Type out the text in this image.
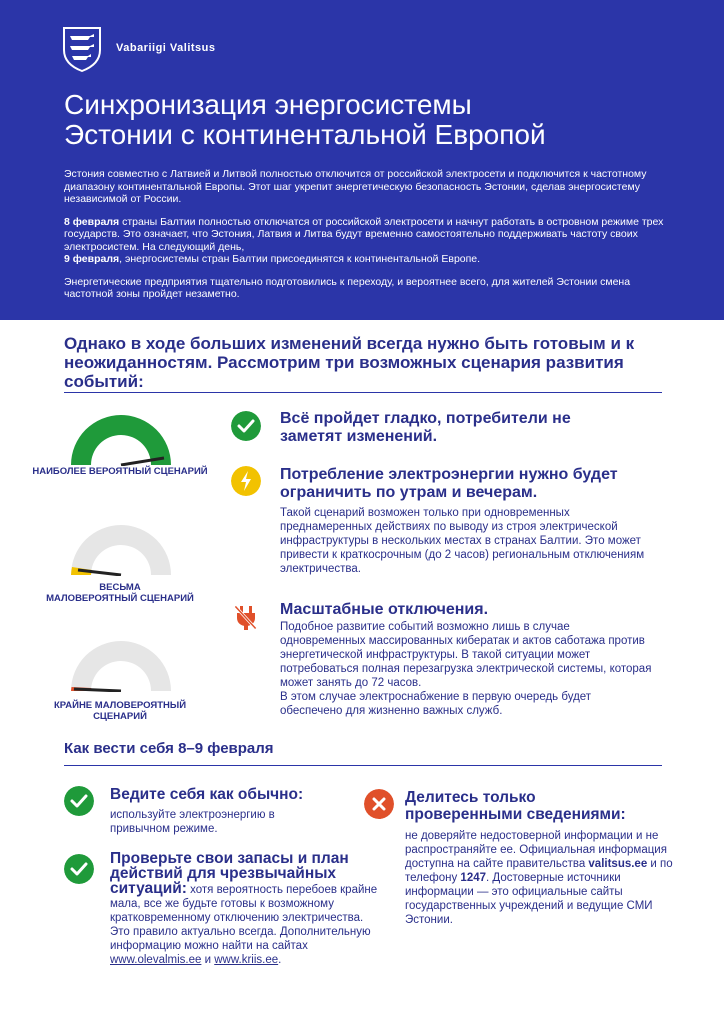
Vabariigi Valitsus
Синхронизация энергосистемы
Эстонии с континентальной Европой

Эстония совместно с Латвией и Литвой полностью отключится от российской электросети и подключится к частотному диапазону континентальной Европы. Этот шаг укрепит энергетическую безопасность Эстонии, сделав энергосистему независимой от России.

8 февраля страны Балтии полностью отключатся от российской электросети и начнут работать в островном режиме трех государств. Это означает, что Эстония, Латвия и Литва будут временно самостоятельно поддерживать частоту своих электросистем. На следующий день,
9 февраля, энергосистемы стран Балтии присоединятся к континентальной Европе.

Энергетические предприятия тщательно подготовились к переходу, и вероятнее всего, для жителей Эстонии смена частотной зоны пройдет незаметно.

Однако в ходе больших изменений всегда нужно быть готовым и к неожиданностям. Рассмотрим три возможных сценария развития событий:
НАИБОЛЕЕ ВЕРОЯТНЫЙ СЦЕНАРИЙ
ВЕСЬМА
МАЛОВЕРОЯТНЫЙ СЦЕНАРИЙ
КРАЙНЕ МАЛОВЕРОЯТНЫЙ
СЦЕНАРИЙ
Всё пройдет гладко, потребители не заметят изменений.
Потребление электроэнергии нужно будет ограничить по утрам и вечерам.
Такой сценарий возможен только при одновременных преднамеренных действиях по выводу из строя электрической инфраструктуры в нескольких местах в странах Балтии. Это может привести к краткосрочным (до 2 часов) региональным отключениям электричества.
Масштабные отключения.
Подобное развитие событий возможно лишь в случае одновременных массированных кибератак и актов саботажа против энергетической инфраструктуры. В такой ситуации может потребоваться полная перезагрузка электрической системы, которая может занять до 72 часов.
В этом случае электроснабжение в первую очередь будет обеспечено для жизненно важных служб.
Как вести себя 8–9 февраля
Ведите себя как обычно:
используйте электроэнергию в привычном режиме.
Проверьте свои запасы и план действий для чрезвычайных ситуаций: хотя вероятность перебоев крайне мала, все же будьте готовы к возможному кратковременному отключению электричества. Это правило актуально всегда. Дополнительную информацию можно найти на сайтах www.olevalmis.ee и www.kriis.ee.
Делитесь только проверенными сведениями:
не доверяйте недостоверной информации и не распространяйте ее. Официальная информация доступна на сайте правительства valitsus.ee и по телефону 1247. Достоверные источники информации — это официальные сайты государственных учреждений и ведущие СМИ Эстонии.
